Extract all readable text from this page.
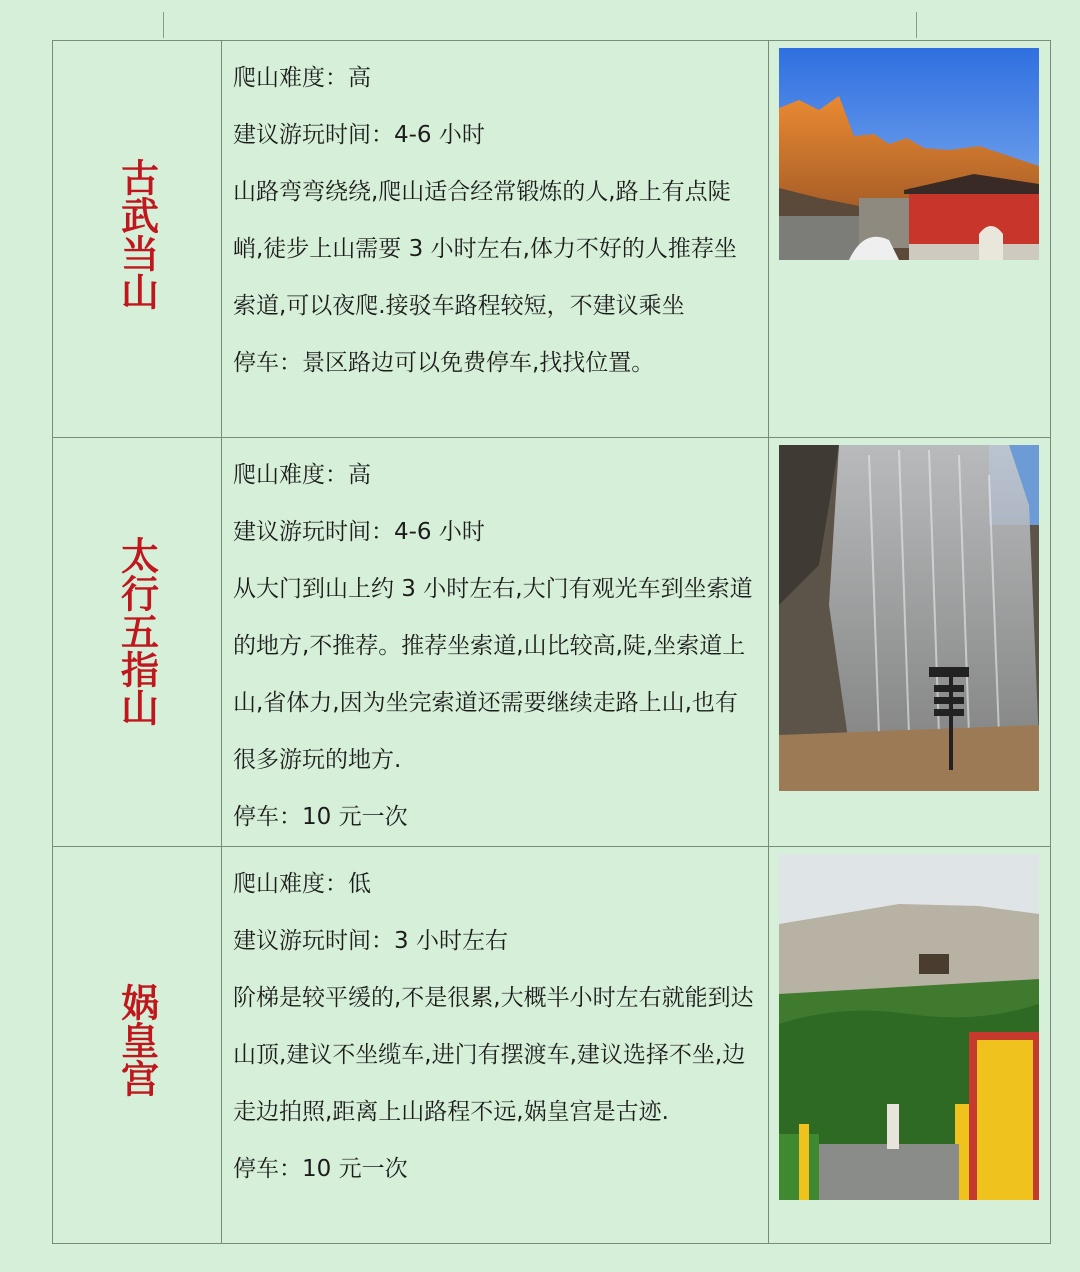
古武当山	爬山难度：高

建议游玩时间：4-6 小时

山路弯弯绕绕,爬山适合经常锻炼的人,路上有点陡峭,徒步上山需要 3 小时左右,体力不好的人推荐坐索道,可以夜爬.接驳车路程较短，不建议乘坐

停车：景区路边可以免费停车,找找位置。

太行五指山	爬山难度：高

建议游玩时间：4-6 小时

从大门到山上约 3 小时左右,大门有观光车到坐索道的地方,不推荐。推荐坐索道,山比较高,陡,坐索道上山,省体力,因为坐完索道还需要继续走路上山,也有很多游玩的地方.

停车：10 元一次

娲皇宫	爬山难度：低

建议游玩时间：3 小时左右

阶梯是较平缓的,不是很累,大概半小时左右就能到达山顶,建议不坐缆车,进门有摆渡车,建议选择不坐,边走边拍照,距离上山路程不远,娲皇宫是古迹.

停车：10 元一次
